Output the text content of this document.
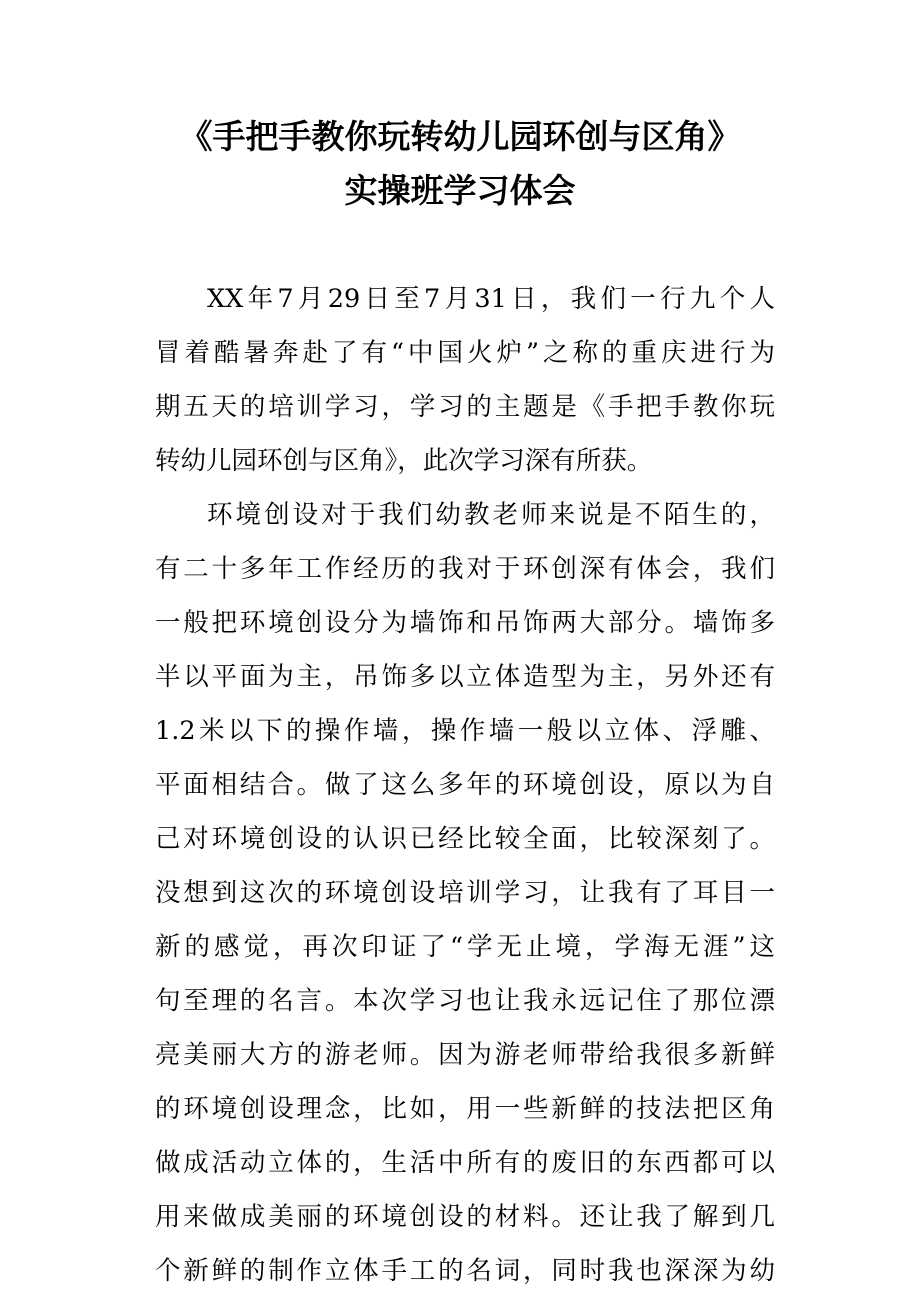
《手把手教你玩转幼儿园环创与区角》
实操班学习体会
XX年7月29日至7月31日，我们一行九个人
冒着酷暑奔赴了有“中国火炉”之称的重庆进行为
期五天的培训学习，学习的主题是《手把手教你玩
转幼儿园环创与区角》，此次学习深有所获。
环境创设对于我们幼教老师来说是不陌生的，
有二十多年工作经历的我对于环创深有体会，我们
一般把环境创设分为墙饰和吊饰两大部分。墙饰多
半以平面为主，吊饰多以立体造型为主，另外还有
1.2米以下的操作墙，操作墙一般以立体、浮雕、
平面相结合。做了这么多年的环境创设，原以为自
己对环境创设的认识已经比较全面，比较深刻了。
没想到这次的环境创设培训学习，让我有了耳目一
新的感觉，再次印证了“学无止境，学海无涯”这
句至理的名言。本次学习也让我永远记住了那位漂
亮美丽大方的游老师。因为游老师带给我很多新鲜
的环境创设理念，比如，用一些新鲜的技法把区角
做成活动立体的，生活中所有的废旧的东西都可以
用来做成美丽的环境创设的材料。还让我了解到几
个新鲜的制作立体手工的名词，同时我也深深为幼
